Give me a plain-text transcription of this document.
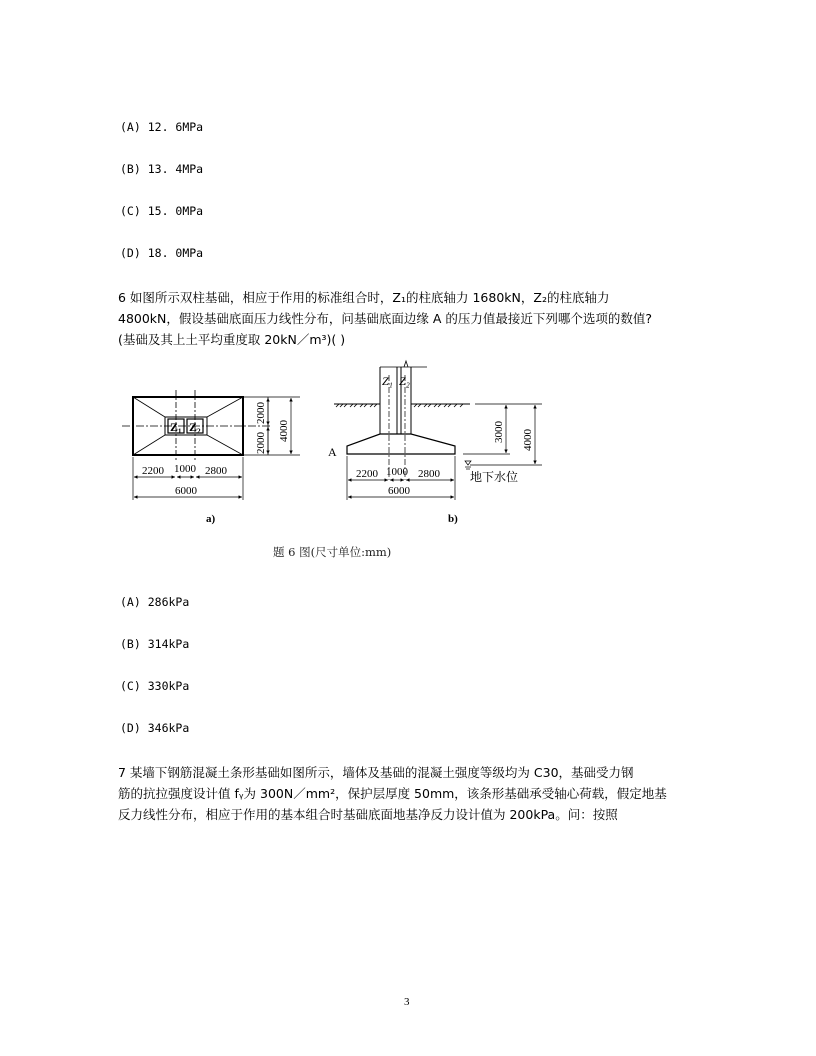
(A) 12. 6MPa
(B) 13. 4MPa
(C) 15. 0MPa
(D) 18. 0MPa
6 如图所示双柱基础，相应于作用的标准组合时，Z₁的柱底轴力 1680kN，Z₂的柱底轴力
4800kN，假设基础底面压力线性分布，问基础底面边缘 A 的压力值最接近下列哪个选项的数值?
(基础及其上土平均重度取 20kN／m³)( )
Z₁ Z₂
2000
2000
4000
2200 1000 2800
6000
a)
Z₁ Z₂
A
3000 4000
地下水位
2200 1000 2800
6000
b)
题 6 图(尺寸单位:mm)
(A) 286kPa
(B) 314kPa
(C) 330kPa
(D) 346kPa
7 某墙下钢筋混凝土条形基础如图所示，墙体及基础的混凝土强度等级均为 C30，基础受力钢
筋的抗拉强度设计值 fᵧ为 300N／mm²，保护层厚度 50mm，该条形基础承受轴心荷载，假定地基
反力线性分布，相应于作用的基本组合时基础底面地基净反力设计值为 200kPa。问：按照
3
